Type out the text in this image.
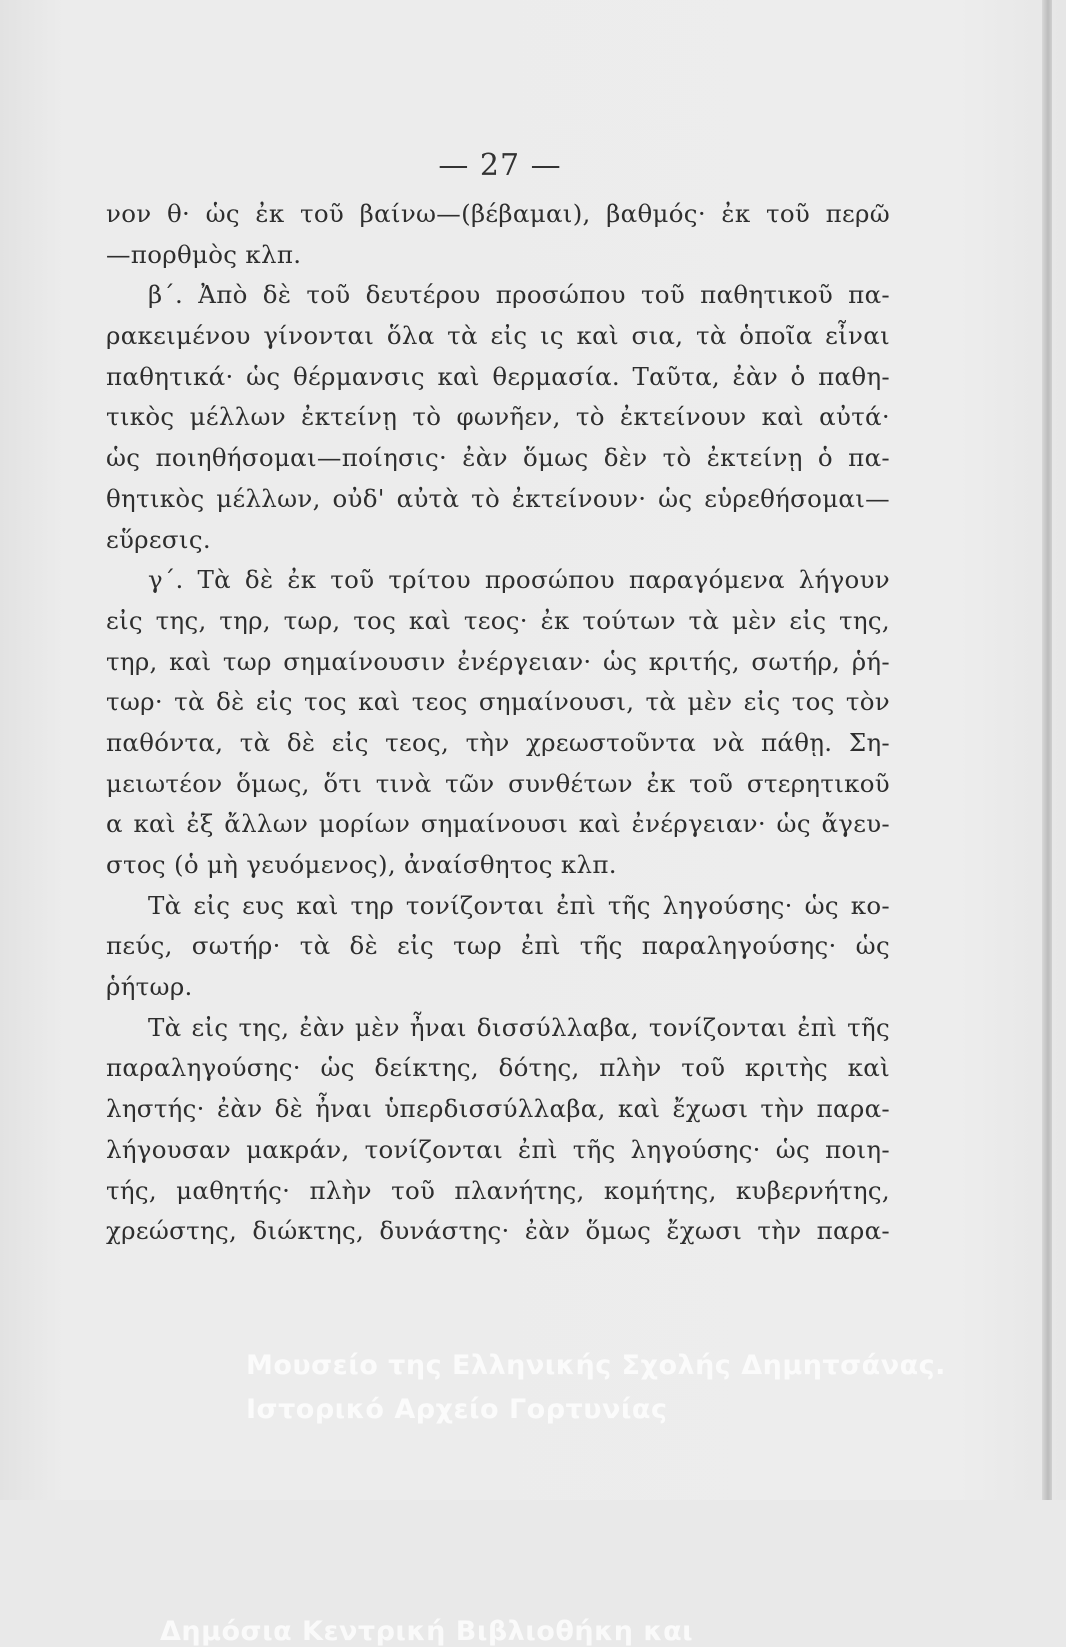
— 27 —
νον θ· ὡς ἐκ τοῦ βαίνω—(βέβαμαι), βαθμός· ἐκ τοῦ περῶ
—πορθμὸς κλπ.
β΄. Ἀπὸ δὲ τοῦ δευτέρου προσώπου τοῦ παθητικοῦ πα-
ρακειμένου γίνονται ὅλα τὰ εἰς ις καὶ σια, τὰ ὁποῖα εἶναι
παθητικά· ὡς θέρμανσις καὶ θερμασία. Ταῦτα, ἐὰν ὁ παθη-
τικὸς μέλλων ἐκτείνῃ τὸ φωνῆεν, τὸ ἐκτείνουν καὶ αὐτά·
ὡς ποιηθήσομαι—ποίησις· ἐὰν ὅμως δὲν τὸ ἐκτείνῃ ὁ πα-
θητικὸς μέλλων, οὐδ' αὐτὰ τὸ ἐκτείνουν· ὡς εὑρεθήσομαι—
εὕρεσις.
γ΄. Τὰ δὲ ἐκ τοῦ τρίτου προσώπου παραγόμενα λήγουν
εἰς της, τηρ, τωρ, τος καὶ τεος· ἐκ τούτων τὰ μὲν εἰς της,
τηρ, καὶ τωρ σημαίνουσιν ἐνέργειαν· ὡς κριτής, σωτήρ, ῥή-
τωρ· τὰ δὲ εἰς τος καὶ τεος σημαίνουσι, τὰ μὲν εἰς τος τὸν
παθόντα, τὰ δὲ εἰς τεος, τὴν χρεωστοῦντα νὰ πάθῃ. Ση-
μειωτέον ὅμως, ὅτι τινὰ τῶν συνθέτων ἐκ τοῦ στερητικοῦ
α καὶ ἐξ ἄλλων μορίων σημαίνουσι καὶ ἐνέργειαν· ὡς ἄγευ-
στος (ὁ μὴ γευόμενος), ἀναίσθητος κλπ.
Τὰ εἰς ευς καὶ τηρ τονίζονται ἐπὶ τῆς ληγούσης· ὡς κο-
πεύς, σωτήρ· τὰ δὲ εἰς τωρ ἐπὶ τῆς παραληγούσης· ὡς
ῥήτωρ.
Τὰ εἰς της, ἐὰν μὲν ἦναι δισσύλλαβα, τονίζονται ἐπὶ τῆς
παραληγούσης· ὡς δείκτης, δότης, πλὴν τοῦ κριτὴς καὶ
ληστής· ἐὰν δὲ ἦναι ὑπερδισσύλλαβα, καὶ ἔχωσι τὴν παρα-
λήγουσαν μακράν, τονίζονται ἐπὶ τῆς ληγούσης· ὡς ποιη-
τής, μαθητής· πλὴν τοῦ πλανήτης, κομήτης, κυβερνήτης,
χρεώστης, διώκτης, δυνάστης· ἐὰν ὅμως ἔχωσι τὴν παρα-
Δημόσια Κεντρική Βιβλιοθήκη και
Μουσείο της Ελληνικής Σχολής Δημητσάνας.
Ιστορικό Αρχείο Γορτυνίας
